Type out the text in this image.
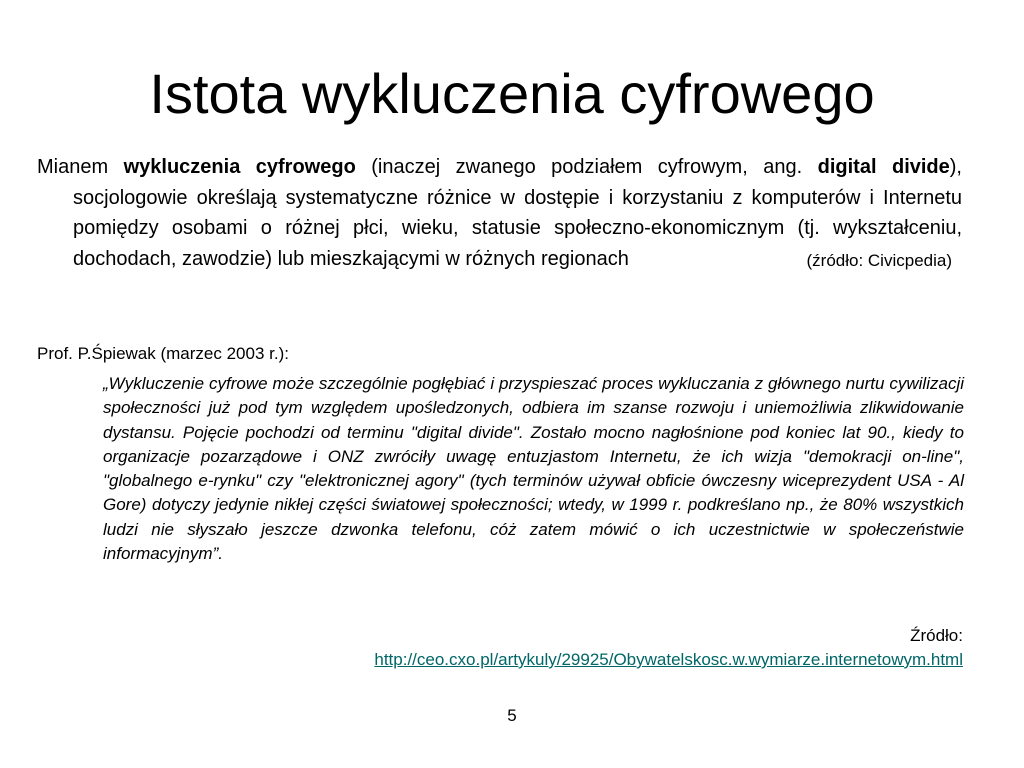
Istota wykluczenia cyfrowego
Mianem wykluczenia cyfrowego (inaczej zwanego podziałem cyfrowym, ang. digital divide), socjologowie określają systematyczne różnice w dostępie i korzystaniu z komputerów i Internetu pomiędzy osobami o różnej płci, wieku, statusie społeczno-ekonomicznym (tj. wykształceniu, dochodach, zawodzie) lub mieszkającymi w różnych regionach	(źródło: Civicpedia)
Prof. P.Śpiewak (marzec 2003 r.):
„Wykluczenie cyfrowe może szczególnie pogłębiać i przyspieszać proces wykluczania z głównego nurtu cywilizacji społeczności już pod tym względem upośledzonych, odbiera im szanse rozwoju i uniemożliwia zlikwidowanie dystansu. Pojęcie pochodzi od terminu "digital divide". Zostało mocno nagłośnione pod koniec lat 90., kiedy to organizacje pozarządowe i ONZ zwróciły uwagę entuzjastom Internetu, że ich wizja "demokracji on-line", "globalnego e-rynku" czy "elektronicznej agory" (tych terminów używał obficie ówczesny wiceprezydent USA - Al Gore) dotyczy jedynie nikłej części światowej społeczności; wtedy, w 1999 r. podkreślano np., że 80% wszystkich ludzi nie słyszało jeszcze dzwonka telefonu, cóż zatem mówić o ich uczestnictwie w społeczeństwie informacyjnym”.
Źródło:
http://ceo.cxo.pl/artykuly/29925/Obywatelskosc.w.wymiarze.internetowym.html
5
